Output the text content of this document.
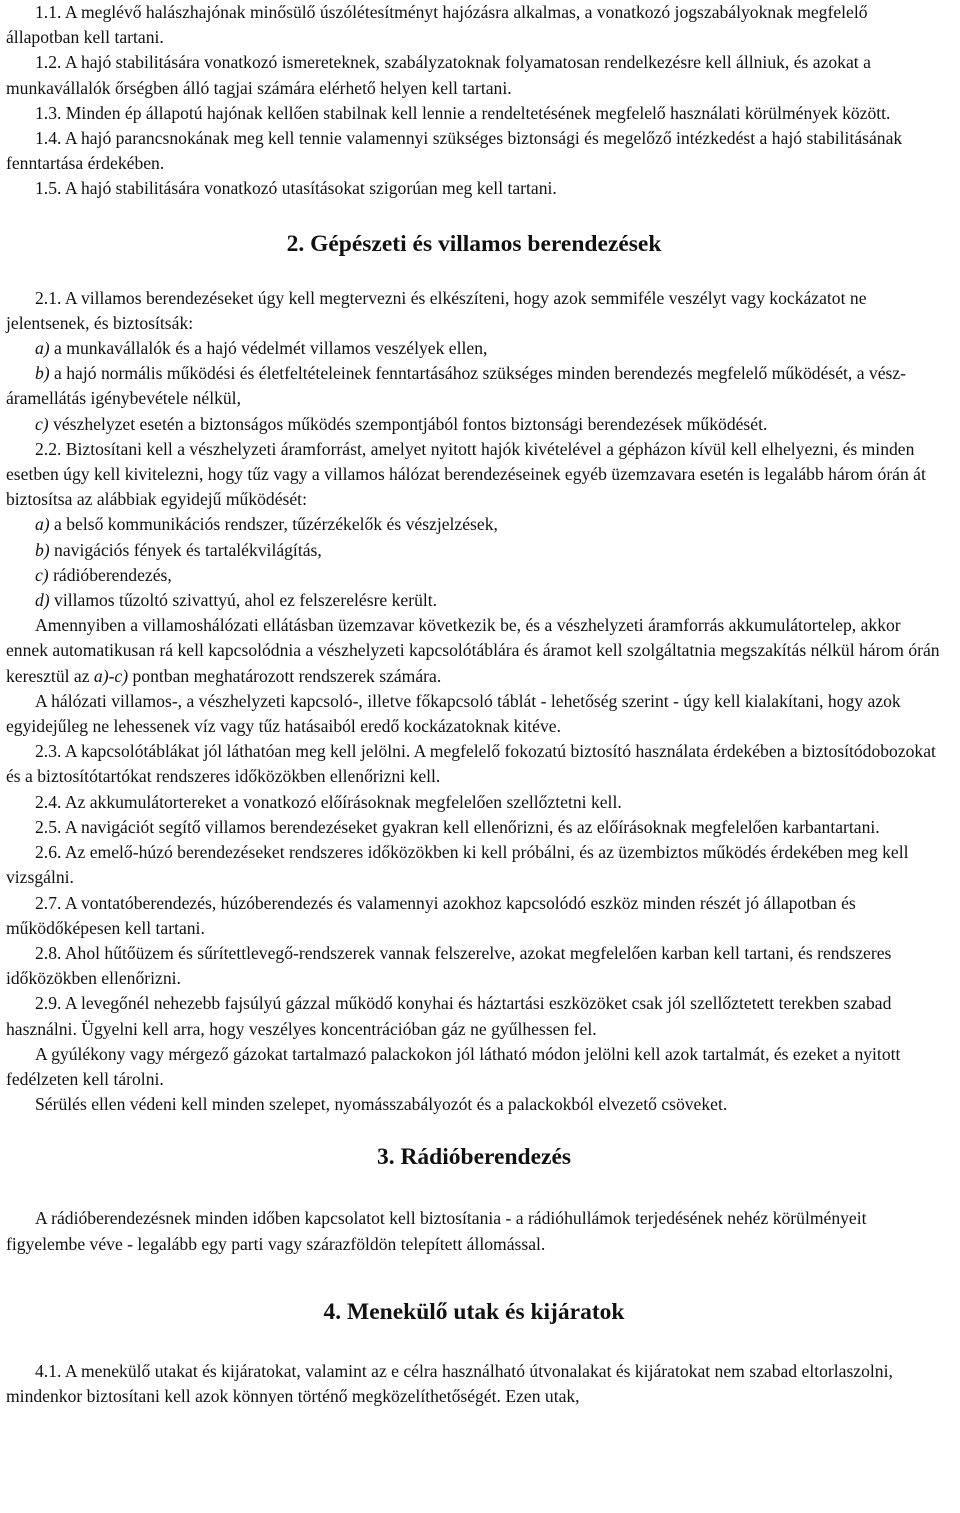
1.1. A meglévő halászhajónak minősülő úszólétesítményt hajózásra alkalmas, a vonatkozó jogszabályoknak megfelelő állapotban kell tartani.

1.2. A hajó stabilitására vonatkozó ismereteknek, szabályzatoknak folyamatosan rendelkezésre kell állniuk, és azokat a munkavállalók őrségben álló tagjai számára elérhető helyen kell tartani.

1.3. Minden ép állapotú hajónak kellően stabilnak kell lennie a rendeltetésének megfelelő használati körülmények között.

1.4. A hajó parancsnokának meg kell tennie valamennyi szükséges biztonsági és megelőző intézkedést a hajó stabilitásának fenntartása érdekében.

1.5. A hajó stabilitására vonatkozó utasításokat szigorúan meg kell tartani.

2. Gépészeti és villamos berendezések

2.1. A villamos berendezéseket úgy kell megtervezni és elkészíteni, hogy azok semmiféle veszélyt vagy kockázatot ne jelentsenek, és biztosítsák:

a) a munkavállalók és a hajó védelmét villamos veszélyek ellen,

b) a hajó normális működési és életfeltételeinek fenntartásához szükséges minden berendezés megfelelő működését, a vész-áramellátás igénybevétele nélkül,

c) vészhelyzet esetén a biztonságos működés szempontjából fontos biztonsági berendezések működését.

2.2. Biztosítani kell a vészhelyzeti áramforrást, amelyet nyitott hajók kivételével a gépházon kívül kell elhelyezni, és minden esetben úgy kell kivitelezni, hogy tűz vagy a villamos hálózat berendezéseinek egyéb üzemzavara esetén is legalább három órán át biztosítsa az alábbiak egyidejű működését:

a) a belső kommunikációs rendszer, tűzérzékelők és vészjelzések,

b) navigációs fények és tartalékvilágítás,

c) rádióberendezés,

d) villamos tűzoltó szivattyú, ahol ez felszerelésre került.

Amennyiben a villamoshálózati ellátásban üzemzavar következik be, és a vészhelyzeti áramforrás akkumulátortelep, akkor ennek automatikusan rá kell kapcsolódnia a vészhelyzeti kapcsolótáblára és áramot kell szolgáltatnia megszakítás nélkül három órán keresztül az a)-c) pontban meghatározott rendszerek számára.

A hálózati villamos-, a vészhelyzeti kapcsoló-, illetve főkapcsoló táblát - lehetőség szerint - úgy kell kialakítani, hogy azok egyidejűleg ne lehessenek víz vagy tűz hatásaiból eredő kockázatoknak kitéve.

2.3. A kapcsolótáblákat jól láthatóan meg kell jelölni. A megfelelő fokozatú biztosító használata érdekében a biztosítódobozokat és a biztosítótartókat rendszeres időközökben ellenőrizni kell.

2.4. Az akkumulátortereket a vonatkozó előírásoknak megfelelően szellőztetni kell.

2.5. A navigációt segítő villamos berendezéseket gyakran kell ellenőrizni, és az előírásoknak megfelelően karbantartani.

2.6. Az emelő-húzó berendezéseket rendszeres időközökben ki kell próbálni, és az üzembiztos működés érdekében meg kell vizsgálni.

2.7. A vontatóberendezés, húzóberendezés és valamennyi azokhoz kapcsolódó eszköz minden részét jó állapotban és működőképesen kell tartani.

2.8. Ahol hűtőüzem és sűrítettlevegő-rendszerek vannak felszerelve, azokat megfelelően karban kell tartani, és rendszeres időközökben ellenőrizni.

2.9. A levegőnél nehezebb fajsúlyú gázzal működő konyhai és háztartási eszközöket csak jól szellőztetett terekben szabad használni. Ügyelni kell arra, hogy veszélyes koncentrációban gáz ne gyűlhessen fel.

A gyúlékony vagy mérgező gázokat tartalmazó palackokon jól látható módon jelölni kell azok tartalmát, és ezeket a nyitott fedélzeten kell tárolni.

Sérülés ellen védeni kell minden szelepet, nyomásszabályozót és a palackokból elvezető csöveket.

3. Rádióberendezés

A rádióberendezésnek minden időben kapcsolatot kell biztosítania - a rádióhullámok terjedésének nehéz körülményeit figyelembe véve - legalább egy parti vagy szárazföldön telepített állomással.

4. Menekülő utak és kijáratok

4.1. A menekülő utakat és kijáratokat, valamint az e célra használható útvonalakat és kijáratokat nem szabad eltorlaszolni, mindenkor biztosítani kell azok könnyen történő megközelíthetőségét. Ezen utak,
